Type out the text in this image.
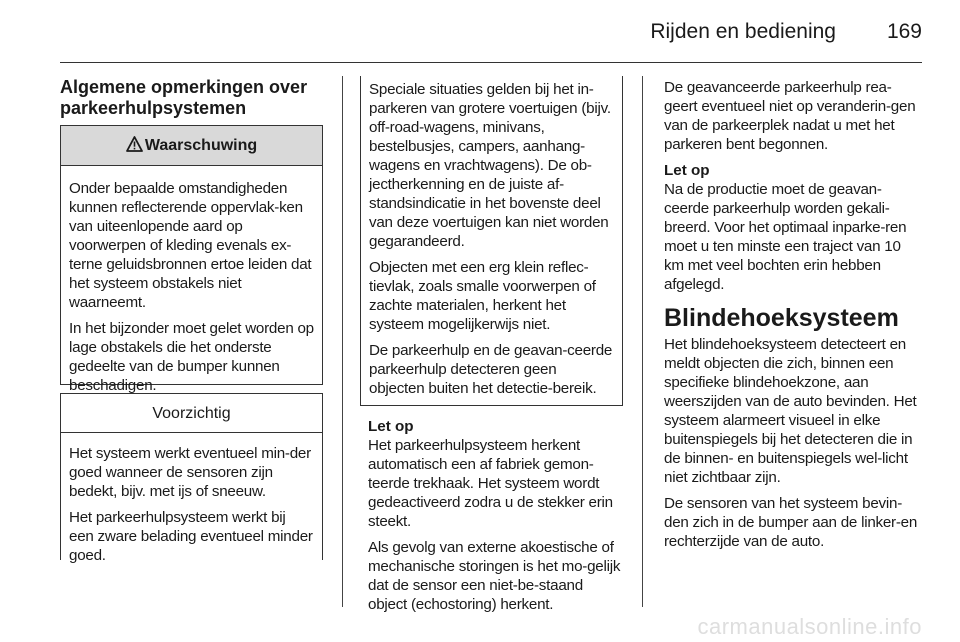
Rijden en bediening 169
Algemene opmerkingen over parkeerhulpsystemen
Waarschuwing

Onder bepaalde omstandigheden kunnen reflecterende oppervlak-ken van uiteenlopende aard op voorwerpen of kleding evenals ex-terne geluidsbronnen ertoe leiden dat het systeem obstakels niet waarneemt.

In het bijzonder moet gelet worden op lage obstakels die het onderste gedeelte van de bumper kunnen beschadigen.

Voorzichtig

Het systeem werkt eventueel min-der goed wanneer de sensoren zijn bedekt, bijv. met ijs of sneeuw.

Het parkeerhulpsysteem werkt bij een zware belading eventueel minder goed.

Speciale situaties gelden bij het in-parkeren van grotere voertuigen (bijv. off-road-wagens, minivans, bestelbusjes, campers, aanhang-wagens en vrachtwagens). De ob-jectherkenning en de juiste af-standsindicatie in het bovenste deel van deze voertuigen kan niet worden gegarandeerd.

Objecten met een erg klein reflec-tievlak, zoals smalle voorwerpen of zachte materialen, herkent het systeem mogelijkerwijs niet.

De parkeerhulp en de geavan-ceerde parkeerhulp detecteren geen objecten buiten het detectie-bereik.

Let op

Het parkeerhulpsysteem herkent automatisch een af fabriek gemon-teerde trekhaak. Het systeem wordt gedeactiveerd zodra u de stekker erin steekt.

Als gevolg van externe akoestische of mechanische storingen is het mo-gelijk dat de sensor een niet-be-staand object (echostoring) herkent.

De geavanceerde parkeerhulp rea-geert eventueel niet op veranderin-gen van de parkeerplek nadat u met het parkeren bent begonnen.

Let op

Na de productie moet de geavan-ceerde parkeerhulp worden gekali-breerd. Voor het optimaal inparke-ren moet u ten minste een traject van 10 km met veel bochten erin hebben afgelegd.

Blindehoeksysteem

Het blindehoeksysteem detecteert en meldt objecten die zich, binnen een specifieke blindehoekzone, aan weerszijden van de auto bevinden. Het systeem alarmeert visueel in elke buitenspiegels bij het detecteren die in de binnen- en buitenspiegels wel-licht niet zichtbaar zijn.

De sensoren van het systeem bevin-den zich in de bumper aan de linker-en rechterzijde van de auto.

carmanualsonline.info
